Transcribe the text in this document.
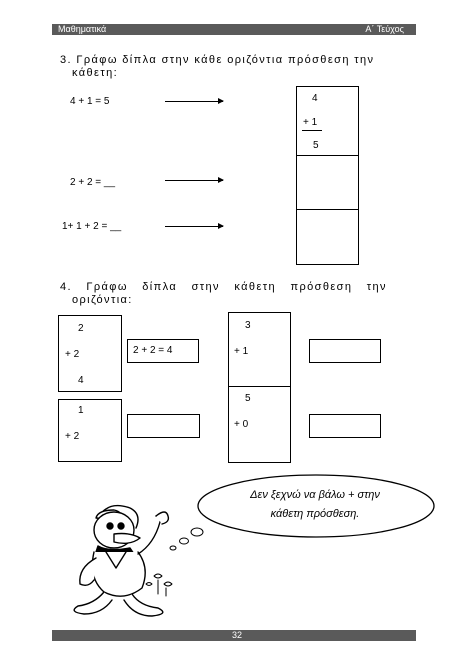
Μαθηματικά	Α΄ Τεύχος
3. Γράφω δίπλα στην κάθε οριζόντια πρόσθεση την
κάθετη:
4 + 1 = 5
2 + 2 = __
1+ 1 + 2 = __
4
+ 1
5
4. Γράφω δίπλα στην κάθετη πρόσθεση την
οριζόντια:
2
+ 2
4
2 + 2 = 4
1
+ 2
3
+ 1
5
+ 0
Δεν ξεχνώ να βάλω + στην
κάθετη πρόσθεση.
32
